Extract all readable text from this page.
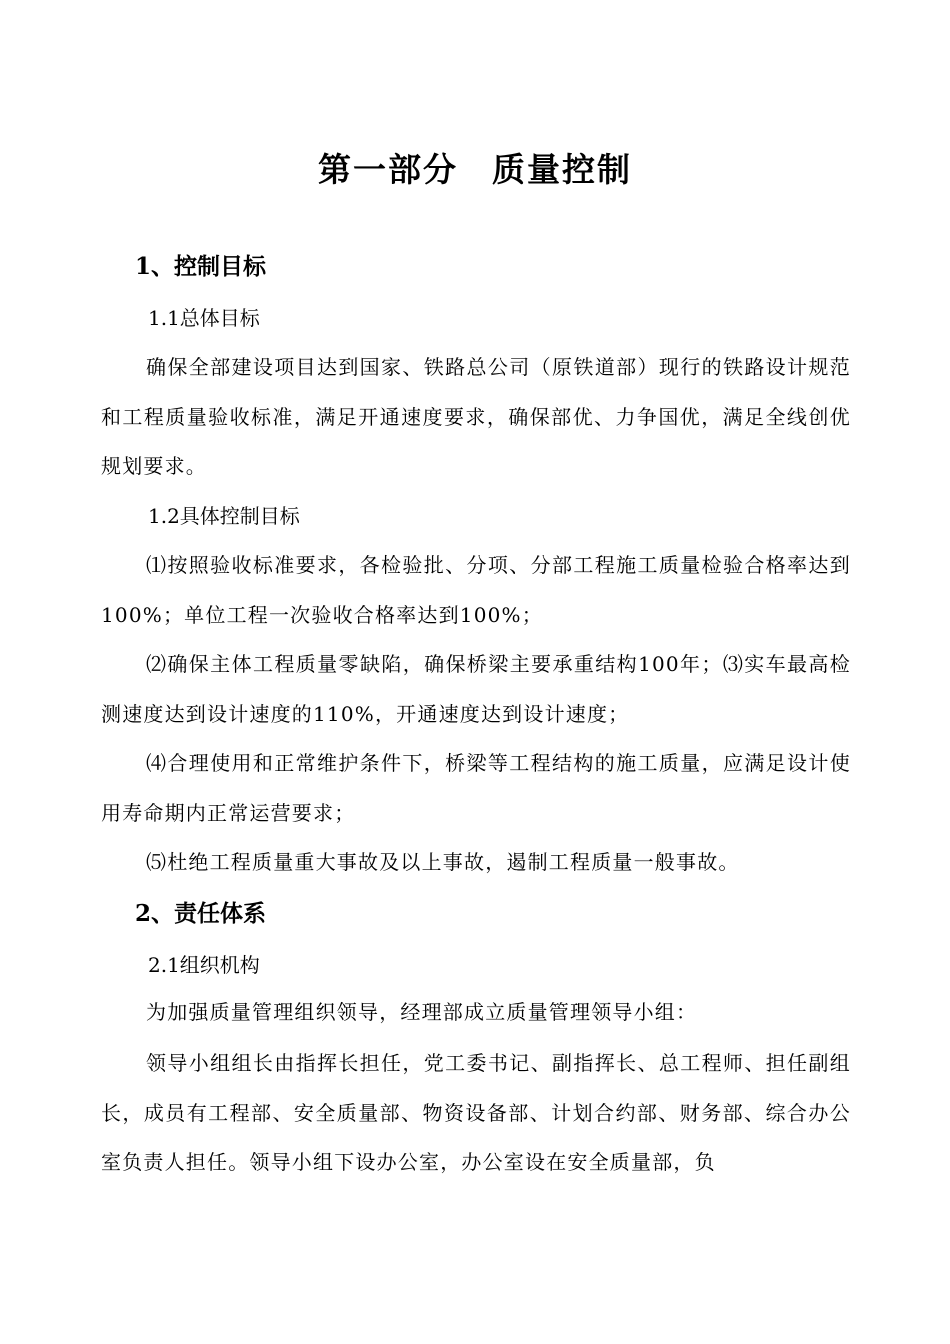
第一部分 质量控制
1、控制目标
1.1总体目标

确保全部建设项目达到国家、铁路总公司（原铁道部）现行的铁路设计规范和工程质量验收标准，满足开通速度要求，确保部优、力争国优，满足全线创优规划要求。

1.2具体控制目标

⑴按照验收标准要求，各检验批、分项、分部工程施工质量检验合格率达到100%；单位工程一次验收合格率达到100%；

⑵确保主体工程质量零缺陷，确保桥梁主要承重结构100年；⑶实车最高检测速度达到设计速度的110%，开通速度达到设计速度；

⑷合理使用和正常维护条件下，桥梁等工程结构的施工质量，应满足设计使用寿命期内正常运营要求；

⑸杜绝工程质量重大事故及以上事故，遏制工程质量一般事故。

2、责任体系
2.1组织机构

为加强质量管理组织领导，经理部成立质量管理领导小组：

领导小组组长由指挥长担任，党工委书记、副指挥长、总工程师、担任副组长，成员有工程部、安全质量部、物资设备部、计划合约部、财务部、综合办公室负责人担任。领导小组下设办公室，办公室设在安全质量部，负
